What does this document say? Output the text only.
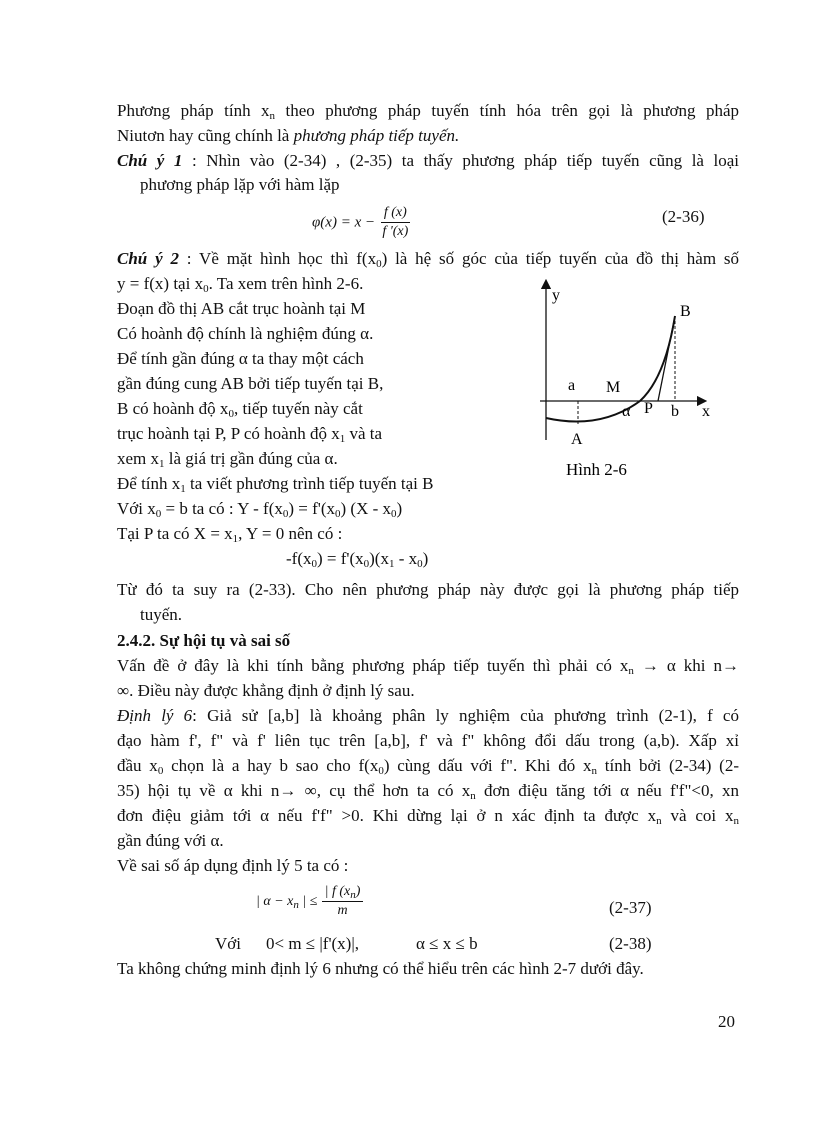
Phương pháp tính $x_n$ theo phương pháp tuyến tính hóa trên gọi là phương pháp
Niutơn hay cũng chính là phương pháp tiếp tuyến.
Chú ý 1 : Nhìn vào (2-34) , (2-35) ta thấy phương pháp tiếp tuyến cũng là loại
phương pháp lặp với hàm lặp
$\varphi(x) = x - \frac{f (x)}{f '(x)}$	(2-36)
Chú ý 2 : Về mặt hình học thì $f(x_0)$ là hệ số góc của tiếp tuyến của đồ thị hàm số
y = f(x) tại $x_0$. Ta xem trên hình 2-6.
Đoạn đồ thị AB cắt trục hoành tại M
Có hoành độ chính là nghiệm đúng α.
Để tính gần đúng α ta thay một cách
gần đúng cung AB bởi tiếp tuyến tại B,
B có hoành độ $x_0$, tiếp tuyến này cắt
trục hoành tại P, P có hoành độ $x_1$ và ta
xem $x_1$ là giá trị gần đúng của α.
Để tính $x_1$ ta viết phương trình tiếp tuyến tại B
Với $x_0 = b$ ta có : $Y - f(x_0) = f'(x_0)$ $(X - x_0)$
Tại P ta có $X = x_1$, Y = 0 nên có :
$-f(x_0) = f'(x_0)(x_1 - x_0)$
Từ đó ta suy ra (2-33). Cho nên phương pháp này được gọi là phương pháp tiếp
tuyến.
y
x
B
A
a M
α P b
Hình 2-6
2.4.2. Sự hội tụ và sai số
Vấn đề ở đây là khi tính bằng phương pháp tiếp tuyến thì phải có $x_n \to \alpha$ khi n→
∞. Điều này được khẳng định ở định lý sau.
Định lý 6: Giả sử [a,b] là khoảng phân ly nghiệm của phương trình (2-1), f có
đạo hàm f', f" và f' liên tục trên [a,b], f' và f" không đổi dấu trong (a,b). Xấp xỉ
đầu $x_0$ chọn là a hay b sao cho $f(x_0)$ cùng dấu với f". Khi đó $x_n$ tính bởi (2-34) (2-
35) hội tụ về α khi n→ ∞, cụ thể hơn ta có $x_n$ đơn điệu tăng tới α nếu f'f"<0, xn
đơn điệu giảm tới α nếu f'f" >0. Khi dừng lại ở n xác định ta được $x_n$ và coi $x_n$
gần đúng với α.
Về sai số áp dụng định lý 5 ta có :
| $\alpha - x_n$ | ≤ $\frac{| f (x_n)}{m}$	(2-37)
Với 0< m ≤ |f'(x)|,	α ≤ x ≤ b	(2-38)
Ta không chứng minh định lý 6 nhưng có thể hiểu trên các hình 2-7 dưới đây.
20
